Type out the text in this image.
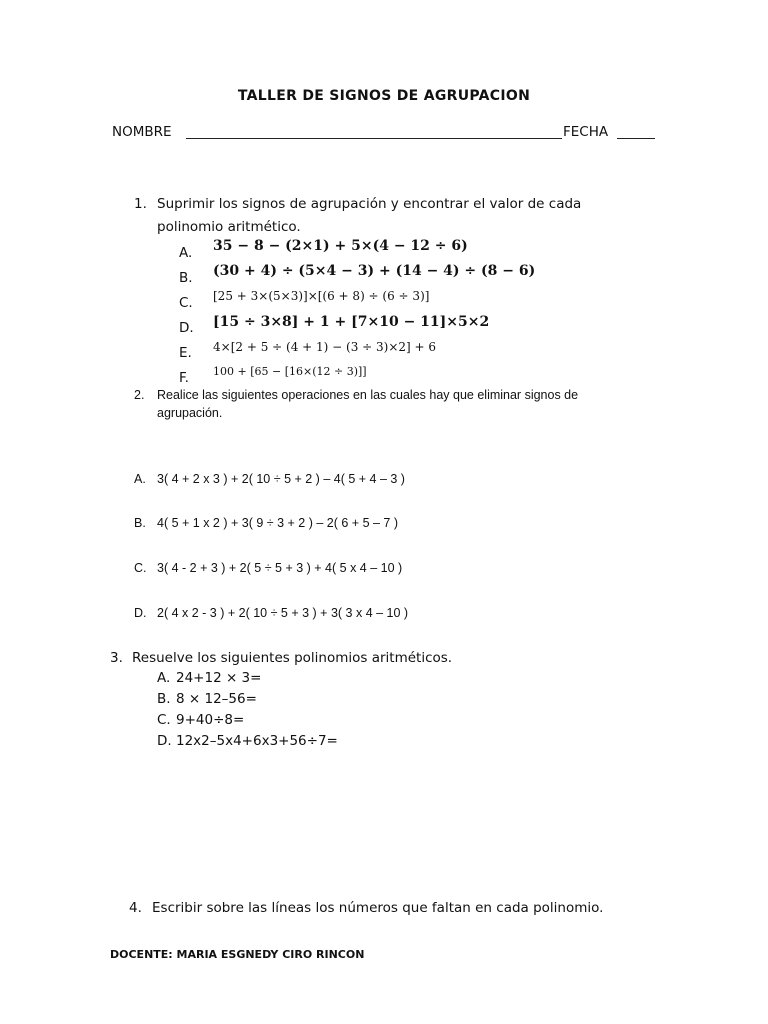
TALLER DE SIGNOS DE AGRUPACION
NOMBRE	FECHA
1. Suprimir los signos de agrupación y encontrar el valor de cada
polinomio aritmético.
A. 35 − 8 − (2×1) + 5×(4 − 12 ÷ 6)
B. (30 + 4) ÷ (5×4 − 3) + (14 − 4) ÷ (8 − 6)
C. [25 + 3×(5×3)]×[(6 + 8) ÷ (6 ÷ 3)]
D. [15 ÷ 3×8] + 1 + [7×10 − 11]×5×2
E. 4×[2 + 5 ÷ (4 + 1) − (3 ÷ 3)×2] + 6
F. 100 + [65 − [16×(12 ÷ 3)]]
2. Realice las siguientes operaciones en las cuales hay que eliminar signos de
agrupación.
A. 3( 4 + 2 x 3 ) + 2( 10 ÷ 5 + 2 ) – 4( 5 + 4 – 3 )
B. 4( 5 + 1 x 2 ) + 3( 9 ÷ 3 + 2 ) – 2( 6 + 5 – 7 )
C. 3( 4 - 2 + 3 ) + 2( 5 ÷ 5 + 3 ) + 4( 5 x 4 – 10 )
D. 2( 4 x 2 - 3 ) + 2( 10 ÷ 5 + 3 ) + 3( 3 x 4 – 10 )
3. Resuelve los siguientes polinomios aritméticos.
A. 24+12 × 3=
B. 8 × 12–56=
C. 9+40÷8=
D. 12x2–5x4+6x3+56÷7=
4. Escribir sobre las líneas los números que faltan en cada polinomio.
DOCENTE: MARIA ESGNEDY CIRO RINCON
